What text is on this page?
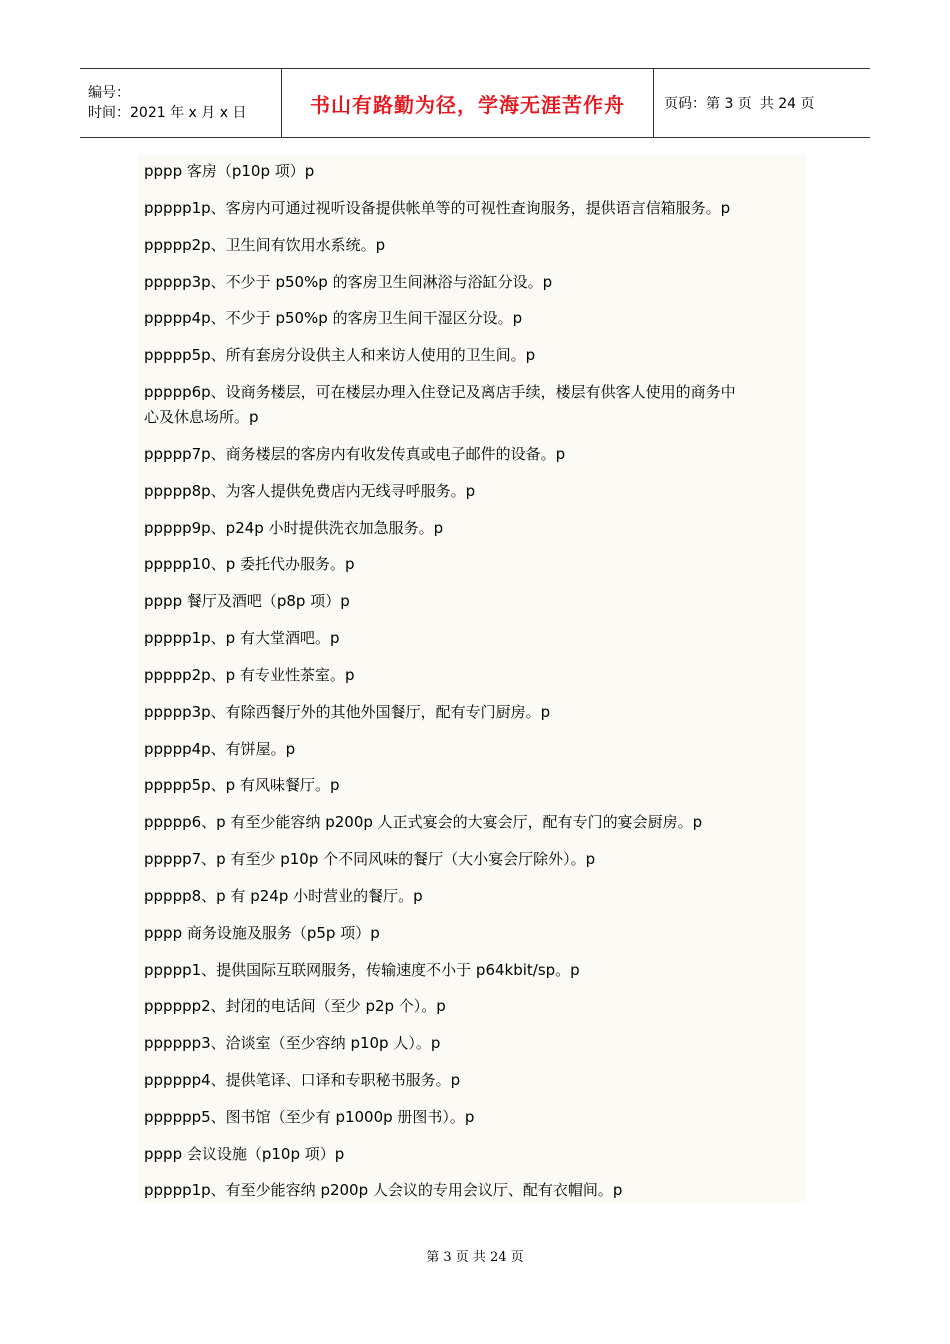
编号：
时间：2021 年 x 月 x 日	书山有路勤为径，学海无涯苦作舟	页码：第 3 页 共 24 页
pppp 客房（p10p 项）p
ppppp1p、客房内可通过视听设备提供帐单等的可视性查询服务，提供语言信箱服务。p
ppppp2p、卫生间有饮用水系统。p
ppppp3p、不少于 p50%p 的客房卫生间淋浴与浴缸分设。p
ppppp4p、不少于 p50%p 的客房卫生间干湿区分设。p
ppppp5p、所有套房分设供主人和来访人使用的卫生间。p
ppppp6p、设商务楼层，可在楼层办理入住登记及离店手续，楼层有供客人使用的商务中
心及休息场所。p
ppppp7p、商务楼层的客房内有收发传真或电子邮件的设备。p
ppppp8p、为客人提供免费店内无线寻呼服务。p
ppppp9p、p24p 小时提供洗衣加急服务。p
ppppp10、p 委托代办服务。p
pppp 餐厅及酒吧（p8p 项）p
ppppp1p、p 有大堂酒吧。p
ppppp2p、p 有专业性茶室。p
ppppp3p、有除西餐厅外的其他外国餐厅，配有专门厨房。p
ppppp4p、有饼屋。p
ppppp5p、p 有风味餐厅。p
ppppp6、p 有至少能容纳 p200p 人正式宴会的大宴会厅，配有专门的宴会厨房。p
ppppp7、p 有至少 p10p 个不同风味的餐厅（大小宴会厅除外）。p
ppppp8、p 有 p24p 小时营业的餐厅。p
pppp 商务设施及服务（p5p 项）p
ppppp1、提供国际互联网服务，传输速度不小于 p64kbit/sp。p
pppppp2、封闭的电话间（至少 p2p 个）。p
pppppp3、洽谈室（至少容纳 p10p 人）。p
pppppp4、提供笔译、口译和专职秘书服务。p
pppppp5、图书馆（至少有 p1000p 册图书）。p
pppp 会议设施（p10p 项）p
ppppp1p、有至少能容纳 p200p 人会议的专用会议厅、配有衣帽间。p
第 3 页 共 24 页
